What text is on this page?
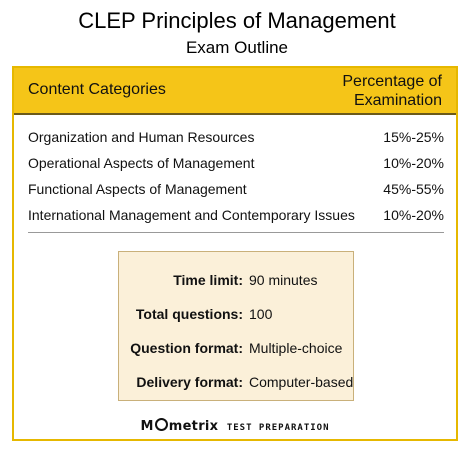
CLEP Principles of Management
Exam Outline
Content Categories	Percentage of
Examination
Organization and Human Resources	15%-25%
Operational Aspects of Management	10%-20%
Functional Aspects of Management	45%-55%
International Management and Contemporary Issues 10%-20%
Time limit: 90 minutes
Total questions: 100
Question format: Multiple-choice
Delivery format: Computer-based
M metrix TEST PREPARATION
